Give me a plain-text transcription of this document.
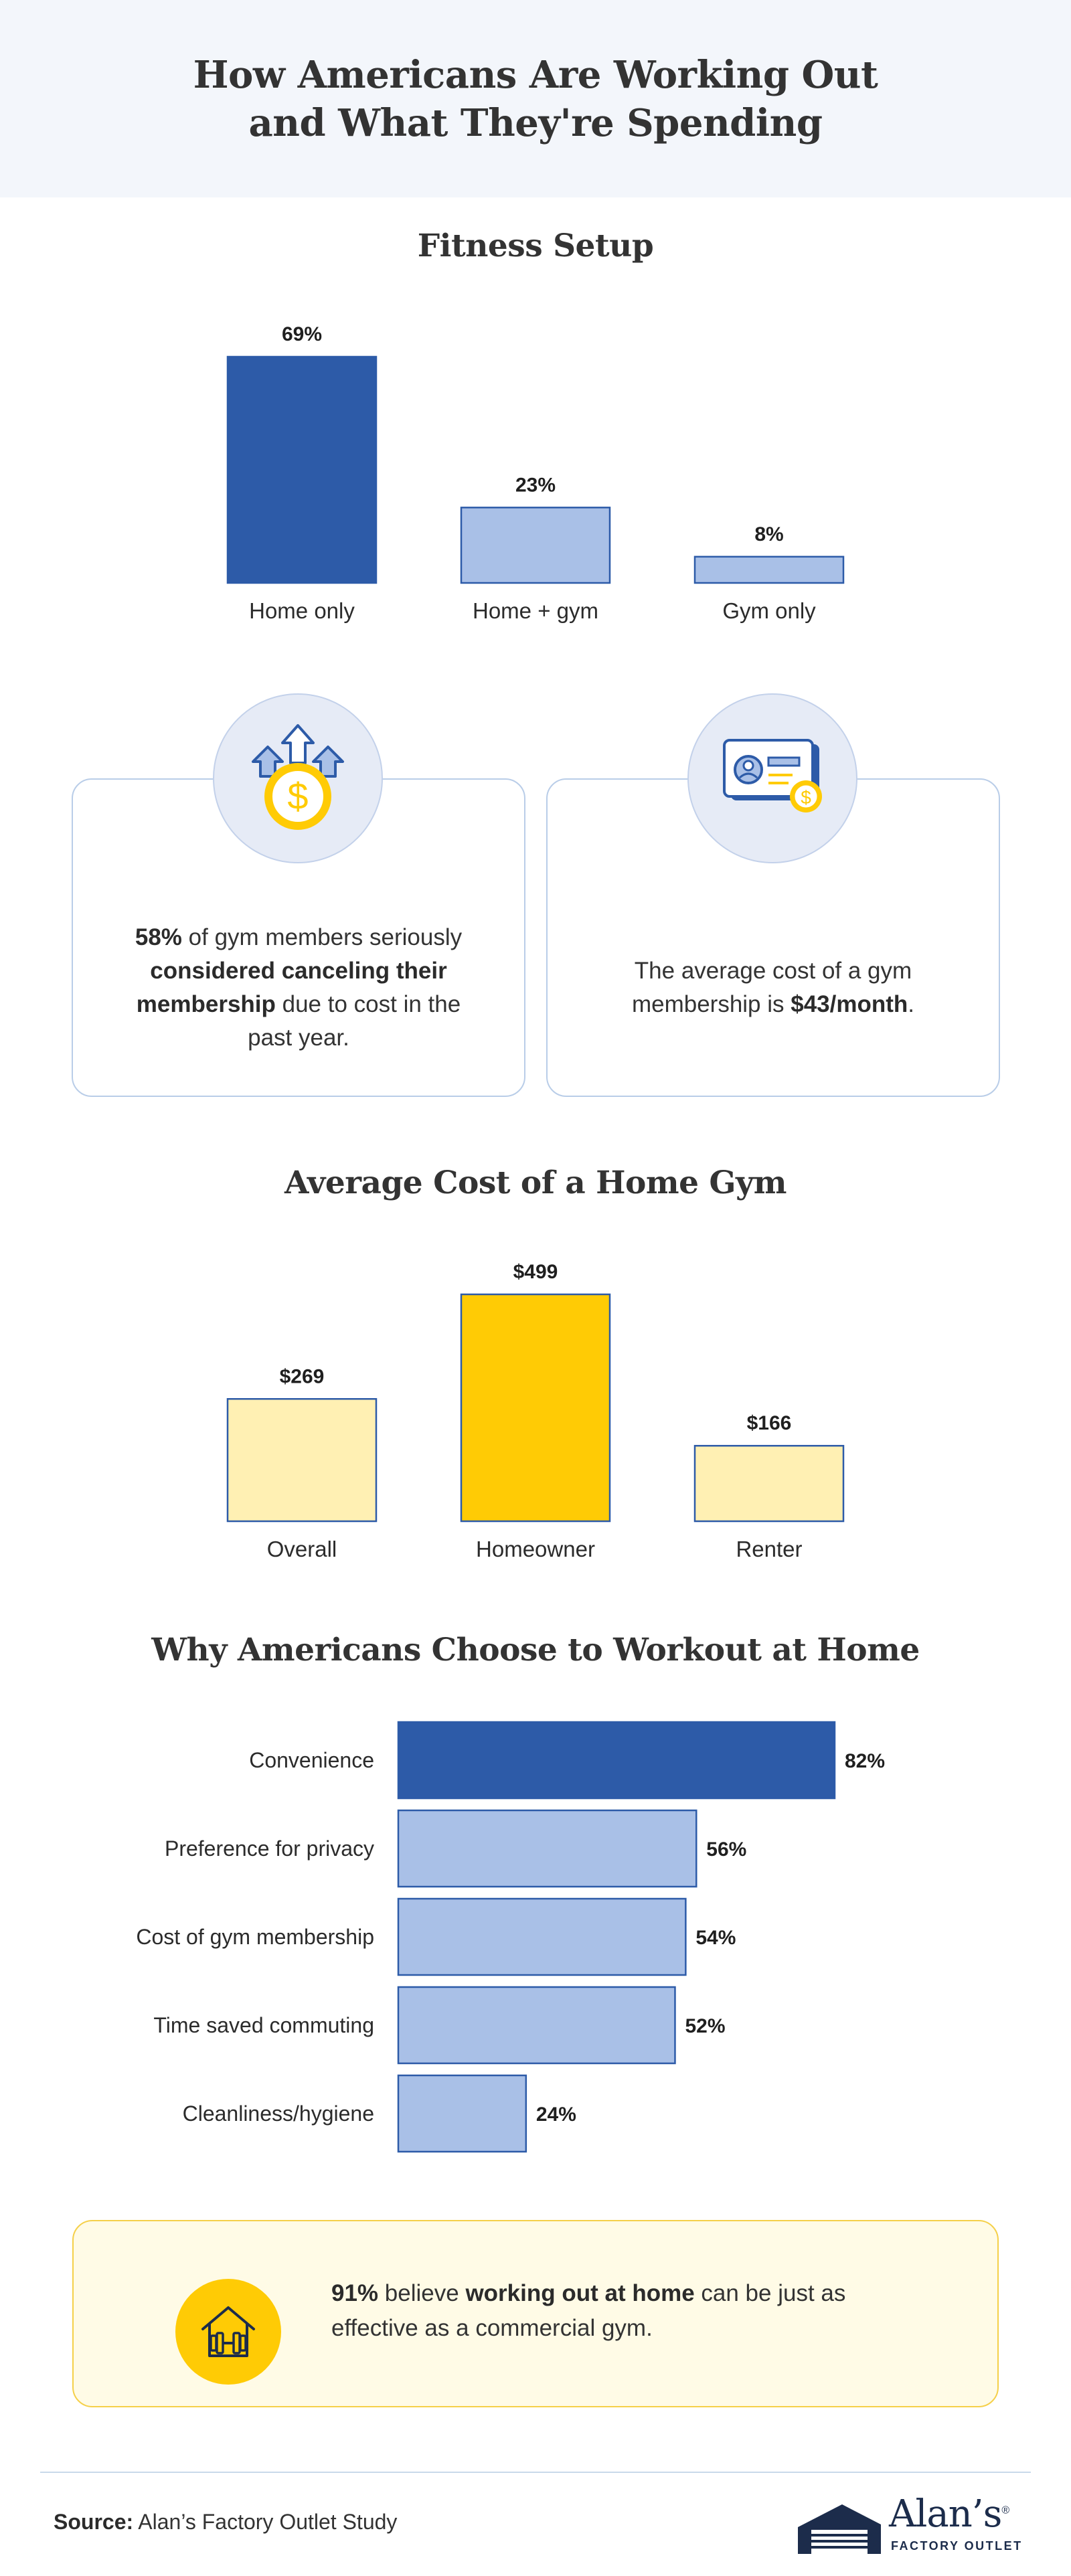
How Americans Are Working Out
and What They're Spending
Fitness Setup
69%
Home only
23%
Home + gym
8%
Gym only
58% of gym members seriously considered canceling their membership due to cost in the past year.
$
The average cost of a gym membership is $43/month.
$
Average Cost of a Home Gym
$269
Overall
$499
Homeowner
$166
Renter
Why Americans Choose to Workout at Home
Convenience	82%
Preference for privacy	56%
Cost of gym membership	54%
Time saved commuting	52%
Cleanliness/hygiene	24%
91% believe working out at home can be just as effective as a commercial gym.
Source: Alan’s Factory Outlet Study	Alan’s®
FACTORY OUTLET
